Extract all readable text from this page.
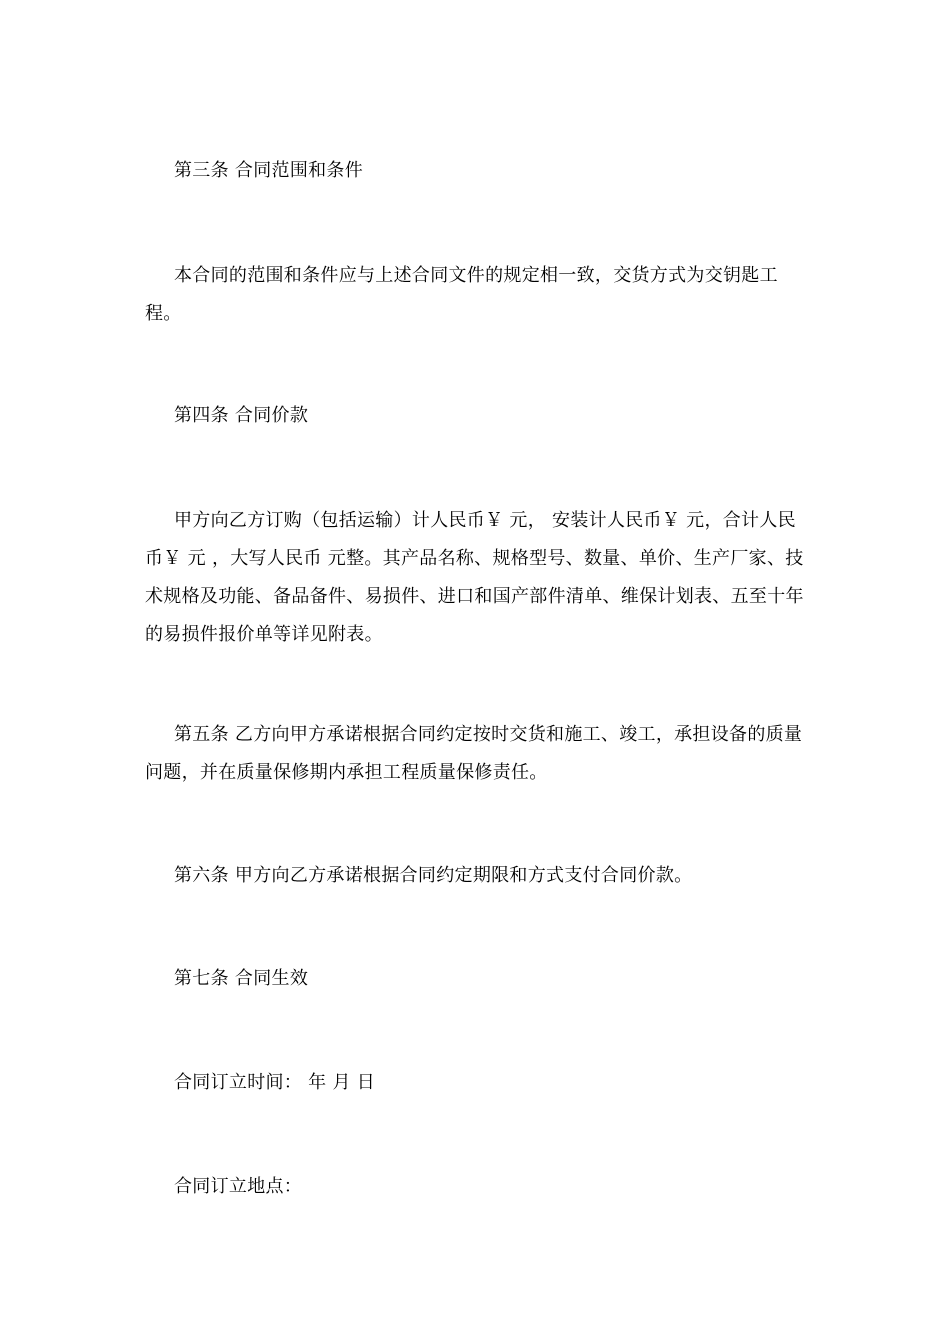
第三条 合同范围和条件

本合同的范围和条件应与上述合同文件的规定相一致，交货方式为交钥匙工程。

第四条 合同价款

甲方向乙方订购（包括运输）计人民币￥ 元， 安装计人民币￥ 元，合计人民币￥ 元 ，大写人民币 元整。其产品名称、规格型号、数量、单价、生产厂家、技术规格及功能、备品备件、易损件、进口和国产部件清单、维保计划表、五至十年的易损件报价单等详见附表。

第五条 乙方向甲方承诺根据合同约定按时交货和施工、竣工，承担设备的质量问题，并在质量保修期内承担工程质量保修责任。

第六条 甲方向乙方承诺根据合同约定期限和方式支付合同价款。

第七条 合同生效

合同订立时间： 年 月 日

合同订立地点：
